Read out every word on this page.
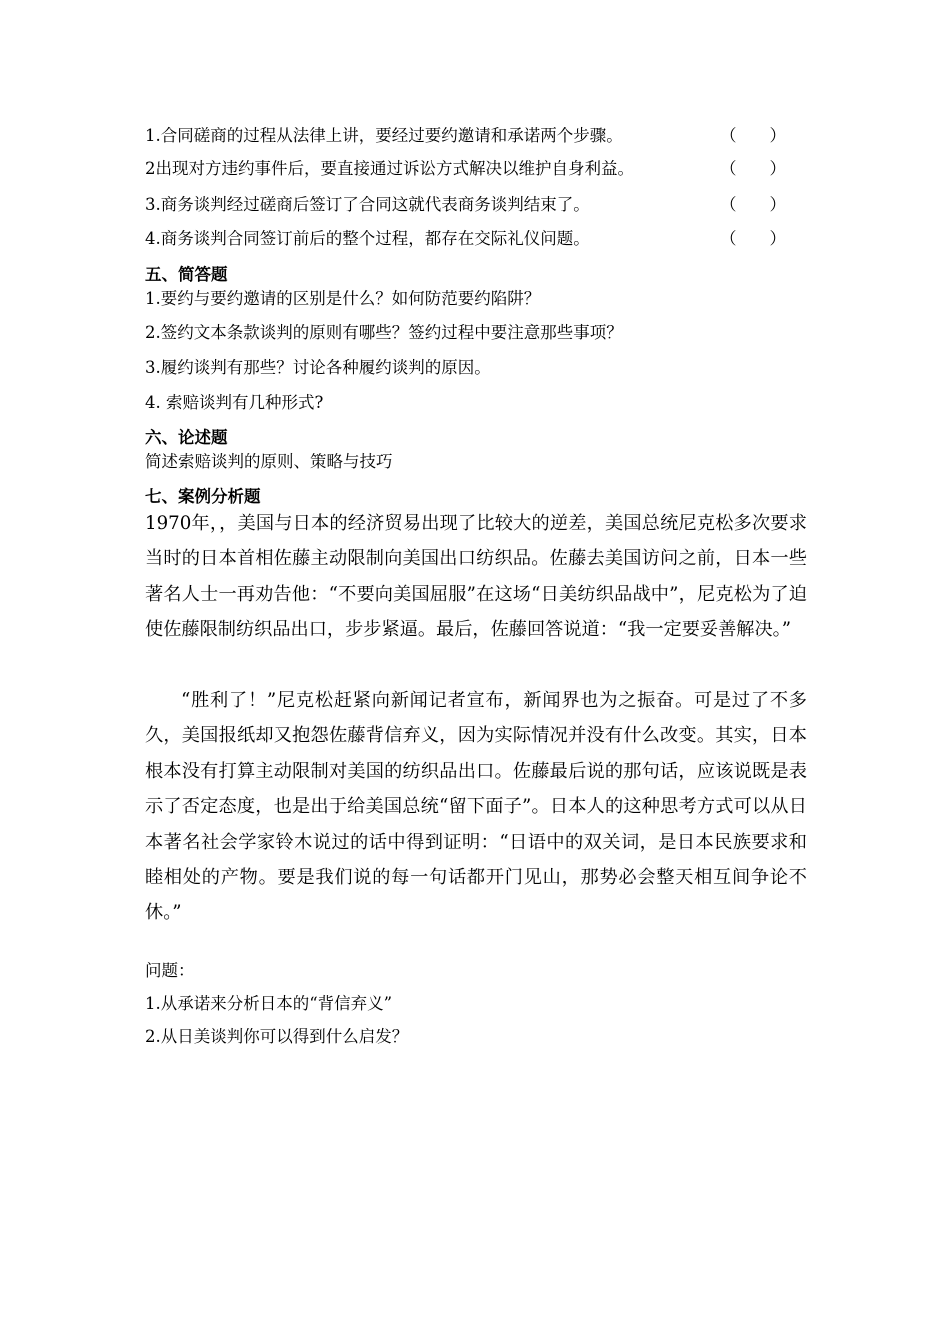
1.合同磋商的过程从法律上讲，要经过要约邀请和承诺两个步骤。	（　　）
2出现对方违约事件后，要直接通过诉讼方式解决以维护自身利益。	（　　）
3.商务谈判经过磋商后签订了合同这就代表商务谈判结束了。	（　　）
4.商务谈判合同签订前后的整个过程，都存在交际礼仪问题。	（　　）
五、简答题
1.要约与要约邀请的区别是什么？如何防范要约陷阱？
2.签约文本条款谈判的原则有哪些？签约过程中要注意那些事项？
3.履约谈判有那些？讨论各种履约谈判的原因。
4. 索赔谈判有几种形式?
六、论述题
简述索赔谈判的原则、策略与技巧
七、案例分析题
1970年，，美国与日本的经济贸易出现了比较大的逆差，美国总统尼克松多次要求当时的日本首相佐藤主动限制向美国出口纺织品。佐藤去美国访问之前，日本一些著名人士一再劝告他：“不要向美国屈服”在这场“日美纺织品战中”，尼克松为了迫使佐藤限制纺织品出口，步步紧逼。最后，佐藤回答说道：“我一定要妥善解决。”
“胜利了！”尼克松赶紧向新闻记者宣布，新闻界也为之振奋。可是过了不多久，美国报纸却又抱怨佐藤背信弃义，因为实际情况并没有什么改变。其实，日本根本没有打算主动限制对美国的纺织品出口。佐藤最后说的那句话，应该说既是表示了否定态度，也是出于给美国总统“留下面子”。日本人的这种思考方式可以从日本著名社会学家铃木说过的话中得到证明：“日语中的双关词，是日本民族要求和睦相处的产物。要是我们说的每一句话都开门见山，那势必会整天相互间争论不休。”
问题：
1.从承诺来分析日本的“背信弃义”
2.从日美谈判你可以得到什么启发？
